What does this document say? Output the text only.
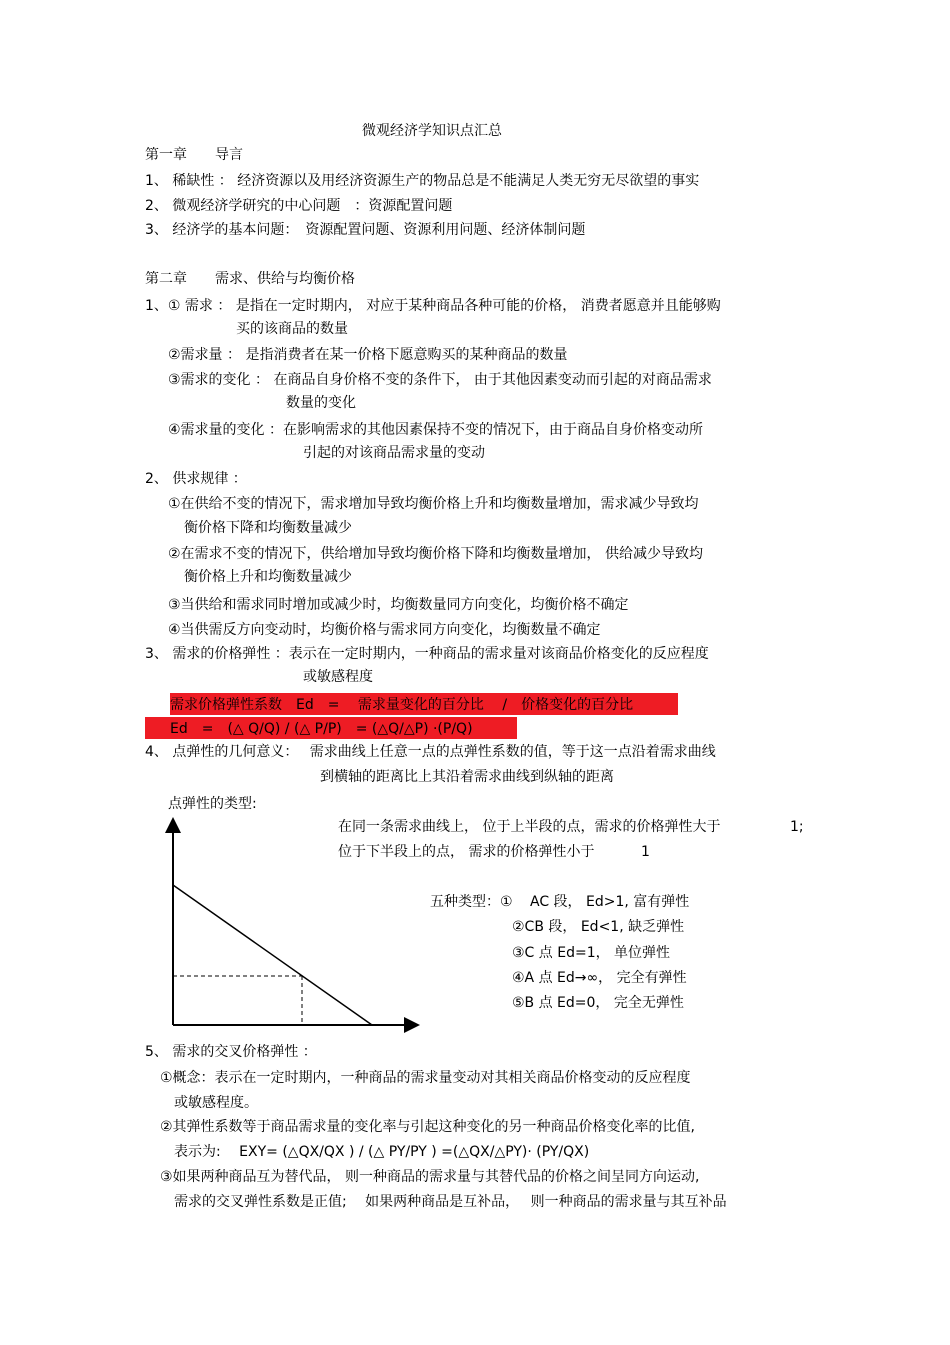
微观经济学知识点汇总
第一章　　导言
1、 稀缺性 ： 经济资源以及用经济资源生产的物品总是不能满足人类无穷无尽欲望的事实
2、 微观经济学研究的中心问题　：资源配置问题
3、 经济学的基本问题：　资源配置问题、资源利用问题、经济体制问题
第二章　　需求、供给与均衡价格
1、① 需求 ： 是指在一定时期内， 对应于某种商品各种可能的价格， 消费者愿意并且能够购
买的该商品的数量
②需求量 ： 是指消费者在某一价格下愿意购买的某种商品的数量
③需求的变化 ： 在商品自身价格不变的条件下， 由于其他因素变动而引起的对商品需求
数量的变化
④需求量的变化 ：在影响需求的其他因素保持不变的情况下，由于商品自身价格变动所
引起的对该商品需求量的变动
2、 供求规律 ：
①在供给不变的情况下，需求增加导致均衡价格上升和均衡数量增加，需求减少导致均
衡价格下降和均衡数量减少
②在需求不变的情况下，供给增加导致均衡价格下降和均衡数量增加， 供给减少导致均
衡价格上升和均衡数量减少
③当供给和需求同时增加或减少时，均衡数量同方向变化，均衡价格不确定
④当供需反方向变动时，均衡价格与需求同方向变化，均衡数量不确定
3、 需求的价格弹性 ：表示在一定时期内，一种商品的需求量对该商品价格变化的反应程度
或敏感程度
需求价格弹性系数　Ed　=　 需求量变化的百分比　 /　价格变化的百分比
Ed　=　(△ Q/Q) / (△ P/P)　= (△Q/△P) ·(P/Q)
4、 点弹性的几何意义：　 需求曲线上任意一点的点弹性系数的值，等于这一点沿着需求曲线
到横轴的距离比上其沿着需求曲线到纵轴的距离
点弹性的类型:
在同一条需求曲线上， 位于上半段的点，需求的价格弹性大于	1;
位于下半段上的点， 需求的价格弹性小于	1
五种类型：① AC 段， Ed>1, 富有弹性
②CB 段， Ed<1, 缺乏弹性
③C 点 Ed=1， 单位弹性
④A 点 Ed→∞， 完全有弹性
⑤B 点 Ed=0， 完全无弹性
5、 需求的交叉价格弹性 ：
①概念：表示在一定时期内，一种商品的需求量变动对其相关商品价格变动的反应程度
或敏感程度。
②其弹性系数等于商品需求量的变化率与引起这种变化的另一种商品价格变化率的比值,
表示为:　 EXY= (△QX/QX ) / (△ PY/PY ) =(△QX/△PY)· (PY/QX)
③如果两种商品互为替代品， 则一种商品的需求量与其替代品的价格之间呈同方向运动,
需求的交叉弹性系数是正值;　 如果两种商品是互补品，　 则一种商品的需求量与其互补品
